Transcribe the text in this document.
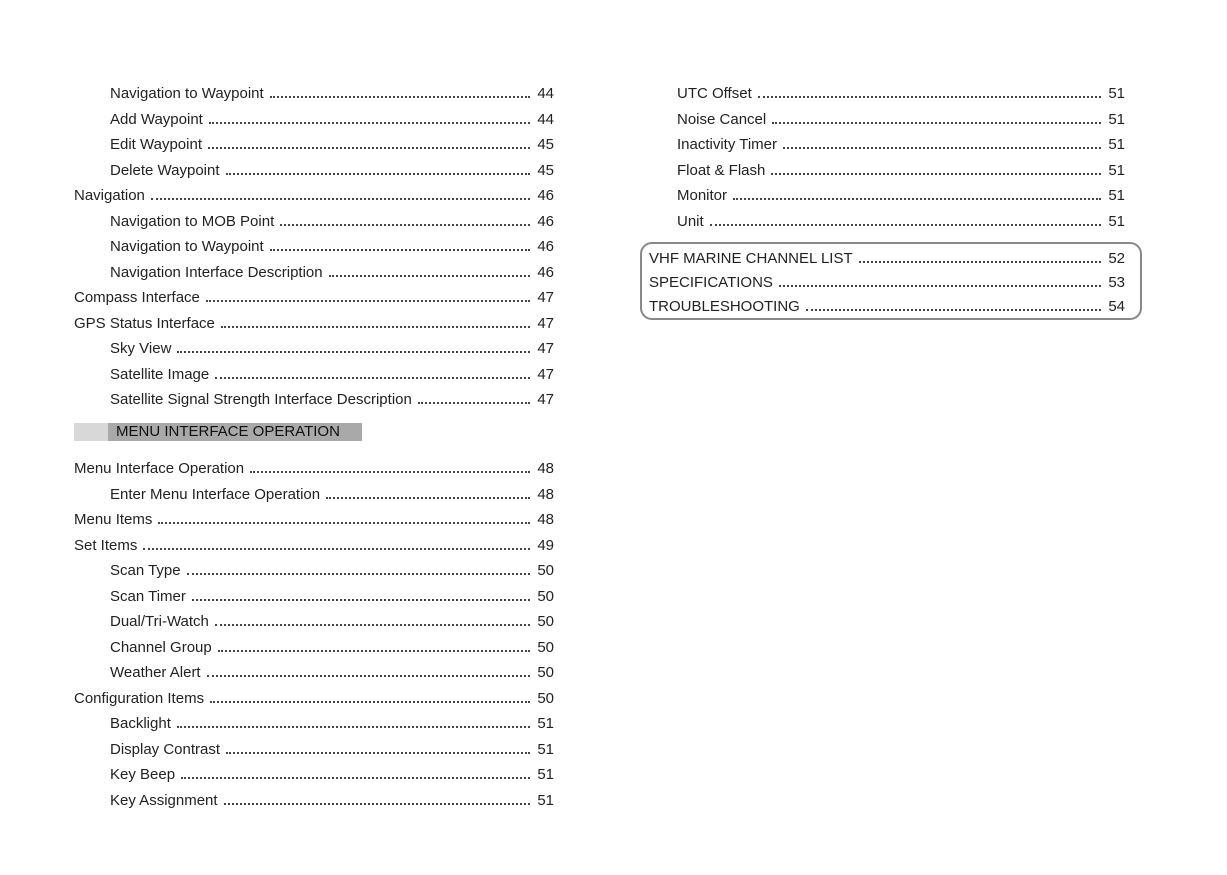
Navigation to Waypoint	44
Add Waypoint	44
Edit Waypoint	45
Delete Waypoint	45
Navigation	46
Navigation to MOB Point	46
Navigation to Waypoint	46
Navigation Interface Description	46
Compass Interface	47
GPS Status Interface	47
Sky View	47
Satellite Image	47
Satellite Signal Strength Interface Description	47
MENU INTERFACE OPERATION
Menu Interface Operation	48
Enter Menu Interface Operation	48
Menu Items	48
Set Items	49
Scan Type	50
Scan Timer	50
Dual/Tri-Watch	50
Channel Group	50
Weather Alert	50
Configuration Items	50
Backlight	51
Display Contrast	51
Key Beep	51
Key Assignment	51
UTC Offset	51
Noise Cancel	51
Inactivity Timer	51
Float & Flash	51
Monitor	51
Unit	51
VHF MARINE CHANNEL LIST	52
SPECIFICATIONS	53
TROUBLESHOOTING	54
